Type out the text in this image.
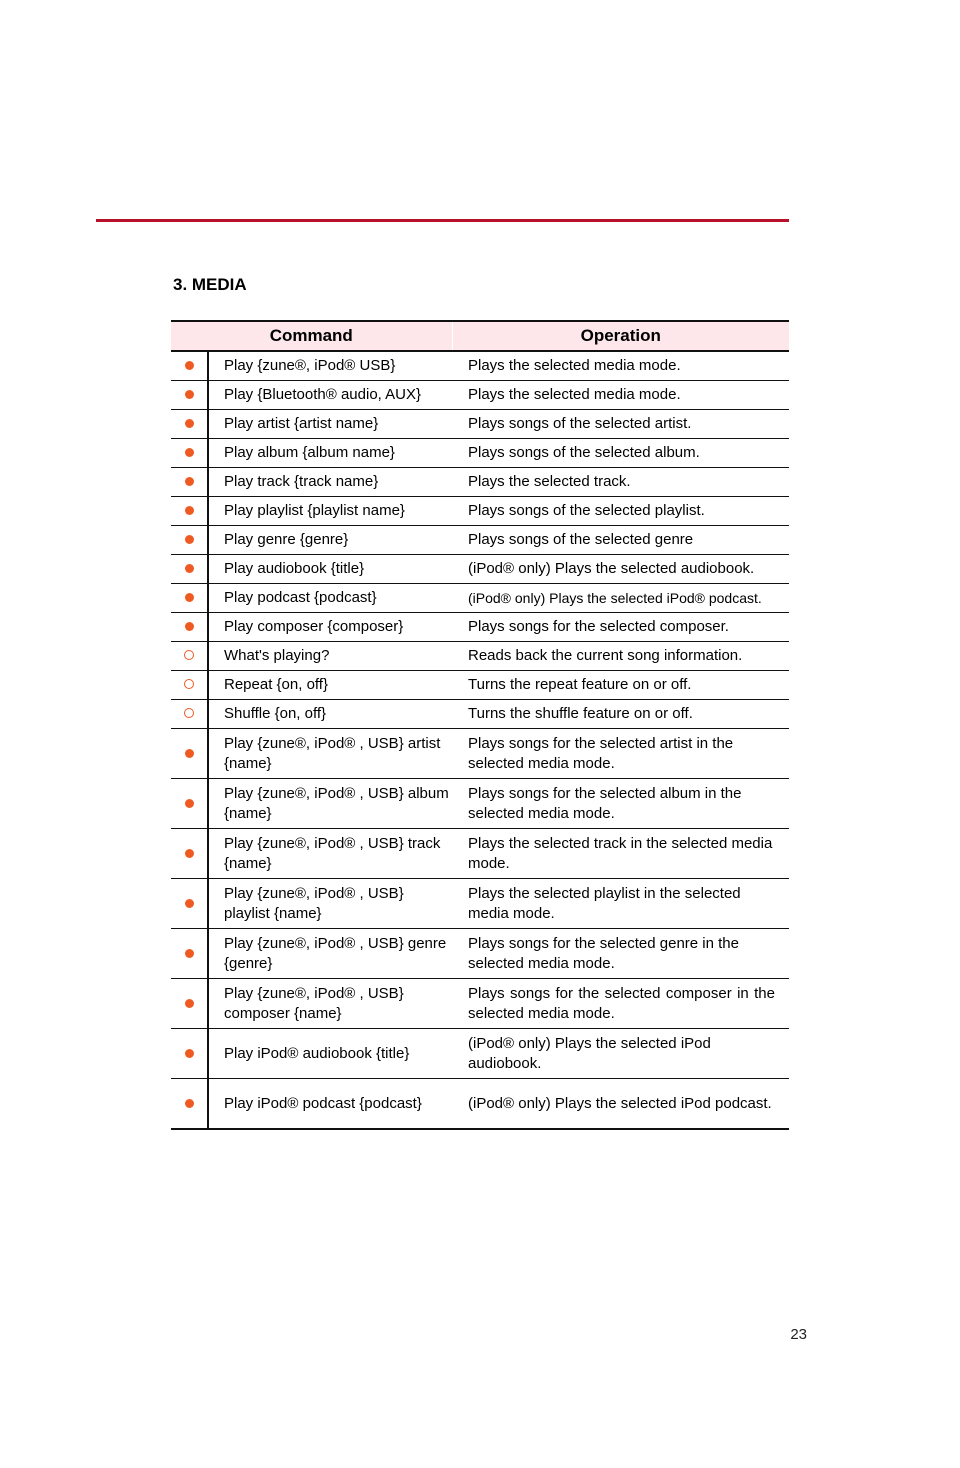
3. MEDIA
Command		Operation
	Play {zune®, iPod® USB}	Plays the selected media mode.
	Play {Bluetooth® audio, AUX}	Plays the selected media mode.
	Play artist {artist name}	Plays songs of the selected artist.
	Play album {album name}	Plays songs of the selected album.
	Play track {track name}	Plays the selected track.
	Play playlist {playlist name}	Plays songs of the selected playlist.
	Play genre {genre}	Plays songs of the selected genre
	Play audiobook {title}	(iPod® only) Plays the selected audiobook.
	Play podcast {podcast}	(iPod® only) Plays the selected iPod® podcast.
	Play composer {composer}	Plays songs for the selected composer.
	What's playing?	Reads back the current song information.
	Repeat {on, off}	Turns the repeat feature on or off.
	Shuffle {on, off}	Turns the shuffle feature on or off.
	Play {zune®, iPod® , USB} artist {name}	Plays songs for the selected artist in the selected media mode.
	Play {zune®, iPod® , USB} album {name}	Plays songs for the selected album in the selected media mode.
	Play {zune®, iPod® , USB} track {name}	Plays the selected track in the selected media mode.
	Play {zune®, iPod® , USB} playlist {name}	Plays the selected playlist in the selected media mode.
	Play {zune®, iPod® , USB} genre {genre}	Plays songs for the selected genre in the selected media mode.
	Play {zune®, iPod® , USB} composer {name}	Plays songs for the selected composer in the selected media mode.
	Play iPod® audiobook {title}	(iPod® only) Plays the selected iPod audiobook.
	Play iPod® podcast {podcast}	(iPod® only) Plays the selected iPod podcast.
23
